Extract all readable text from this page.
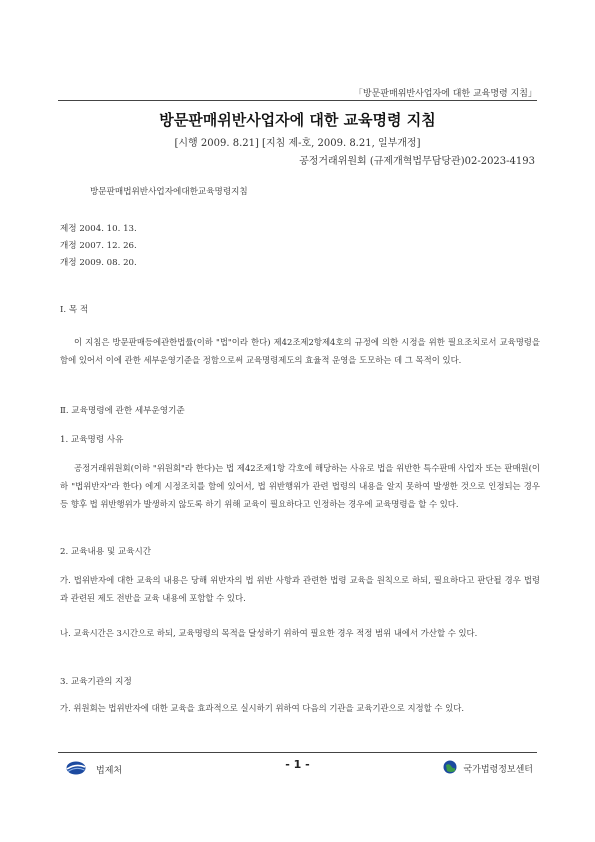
「방문판매위반사업자에 대한 교육명령 지침」
방문판매위반사업자에 대한 교육명령 지침
[시행 2009. 8.21] [지침 제-호, 2009. 8.21, 일부개정]
공정거래위원회 (규제개혁법무담당관)02-2023-4193
방문판매법위반사업자에대한교육명령지침
제정 2004. 10. 13.
개정 2007. 12. 26.
개정 2009. 08. 20.
Ⅰ. 목 적
이 지침은 방문판매등에관한법률(이하 "법"이라 한다) 제42조제2항제4호의 규정에 의한 시정을 위한 필요조치로서 교육명령을 함에 있어서 이에 관한 세부운영기준을 정함으로써 교육명령제도의 효율적 운영을 도모하는 데 그 목적이 있다.
Ⅱ. 교육명령에 관한 세부운영기준
1. 교육명령 사유
공정거래위원회(이하 "위원회"라 한다)는 법 제42조제1항 각호에 해당하는 사유로 법을 위반한 특수판매 사업자 또는 판매원(이하 "법위반자"라 한다) 에게 시정조치를 함에 있어서, 법 위반행위가 관련 법령의 내용을 알지 못하여 발생한 것으로 인정되는 경우 등 향후 법 위반행위가 발생하지 않도록 하기 위해 교육이 필요하다고 인정하는 경우에 교육명령을 할 수 있다.
2. 교육내용 및 교육시간
가. 법위반자에 대한 교육의 내용은 당해 위반자의 법 위반 사항과 관련한 법령 교육을 원칙으로 하되, 필요하다고 판단될 경우 법령과 관련된 제도 전반을 교육 내용에 포함할 수 있다.
나. 교육시간은 3시간으로 하되, 교육명령의 목적을 달성하기 위하여 필요한 경우 적정 범위 내에서 가산할 수 있다.
3. 교육기관의 지정
가. 위원회는 법위반자에 대한 교육을 효과적으로 실시하기 위하여 다음의 기관을 교육기관으로 지정할 수 있다.
법제처	- 1 -	국가법령정보센터
